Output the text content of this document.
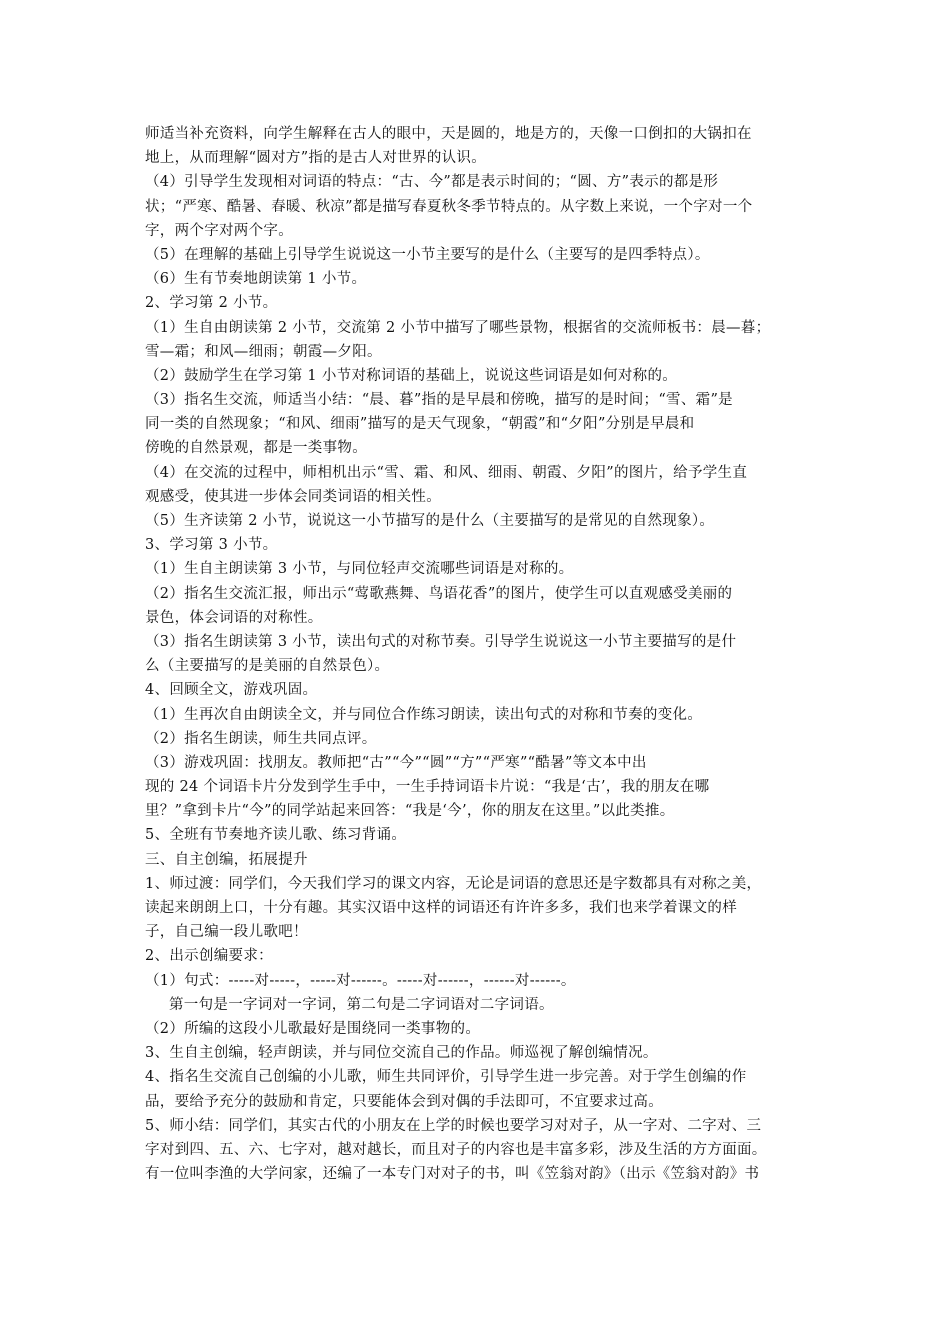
师适当补充资料，向学生解释在古人的眼中，天是圆的，地是方的，天像一口倒扣的大锅扣在
地上，从而理解“圆对方”指的是古人对世界的认识。
（4）引导学生发现相对词语的特点：“古、今”都是表示时间的；“圆、方”表示的都是形
状；“严寒、酷暑、春暖、秋凉”都是描写春夏秋冬季节特点的。从字数上来说，一个字对一个
字，两个字对两个字。
（5）在理解的基础上引导学生说说这一小节主要写的是什么（主要写的是四季特点）。
（6）生有节奏地朗读第 1 小节。
2、学习第 2 小节。
（1）生自由朗读第 2 小节，交流第 2 小节中描写了哪些景物，根据省的交流师板书：晨—暮；
雪—霜；和风—细雨；朝霞—夕阳。
（2）鼓励学生在学习第 1 小节对称词语的基础上，说说这些词语是如何对称的。
（3）指名生交流，师适当小结：“晨、暮”指的是早晨和傍晚，描写的是时间；“雪、霜”是
同一类的自然现象；“和风、细雨”描写的是天气现象，“朝霞”和“夕阳”分别是早晨和
傍晚的自然景观，都是一类事物。
（4）在交流的过程中，师相机出示“雪、霜、和风、细雨、朝霞、夕阳”的图片，给予学生直
观感受，使其进一步体会同类词语的相关性。
（5）生齐读第 2 小节，说说这一小节描写的是什么（主要描写的是常见的自然现象）。
3、学习第 3 小节。
（1）生自主朗读第 3 小节，与同位轻声交流哪些词语是对称的。
（2）指名生交流汇报，师出示“莺歌燕舞、鸟语花香”的图片，使学生可以直观感受美丽的
景色，体会词语的对称性。
（3）指名生朗读第 3 小节，读出句式的对称节奏。引导学生说说这一小节主要描写的是什
么（主要描写的是美丽的自然景色）。
4、回顾全文，游戏巩固。
（1）生再次自由朗读全文，并与同位合作练习朗读，读出句式的对称和节奏的变化。
（2）指名生朗读，师生共同点评。
（3）游戏巩固：找朋友。教师把“古”“今”“圆”“方”“严寒”“酷暑”等文本中出
现的 24 个词语卡片分发到学生手中，一生手持词语卡片说：“我是‘古’，我的朋友在哪
里？”拿到卡片“今”的同学站起来回答：“我是‘今’，你的朋友在这里。”以此类推。
5、全班有节奏地齐读儿歌、练习背诵。
三、自主创编，拓展提升
1、师过渡：同学们，今天我们学习的课文内容，无论是词语的意思还是字数都具有对称之美，
读起来朗朗上口，十分有趣。其实汉语中这样的词语还有许许多多，我们也来学着课文的样
子，自己编一段儿歌吧！
2、出示创编要求：
（1）句式：-----对-----，-----对------。-----对------，------对------。
第一句是一字词对一字词，第二句是二字词语对二字词语。
（2）所编的这段小儿歌最好是围绕同一类事物的。
3、生自主创编，轻声朗读，并与同位交流自己的作品。师巡视了解创编情况。
4、指名生交流自己创编的小儿歌，师生共同评价，引导学生进一步完善。对于学生创编的作
品，要给予充分的鼓励和肯定，只要能体会到对偶的手法即可，不宜要求过高。
5、师小结：同学们，其实古代的小朋友在上学的时候也要学习对对子，从一字对、二字对、三
字对到四、五、六、七字对，越对越长，而且对子的内容也是丰富多彩，涉及生活的方方面面。
有一位叫李渔的大学问家，还编了一本专门对对子的书，叫《笠翁对韵》（出示《笠翁对韵》书
